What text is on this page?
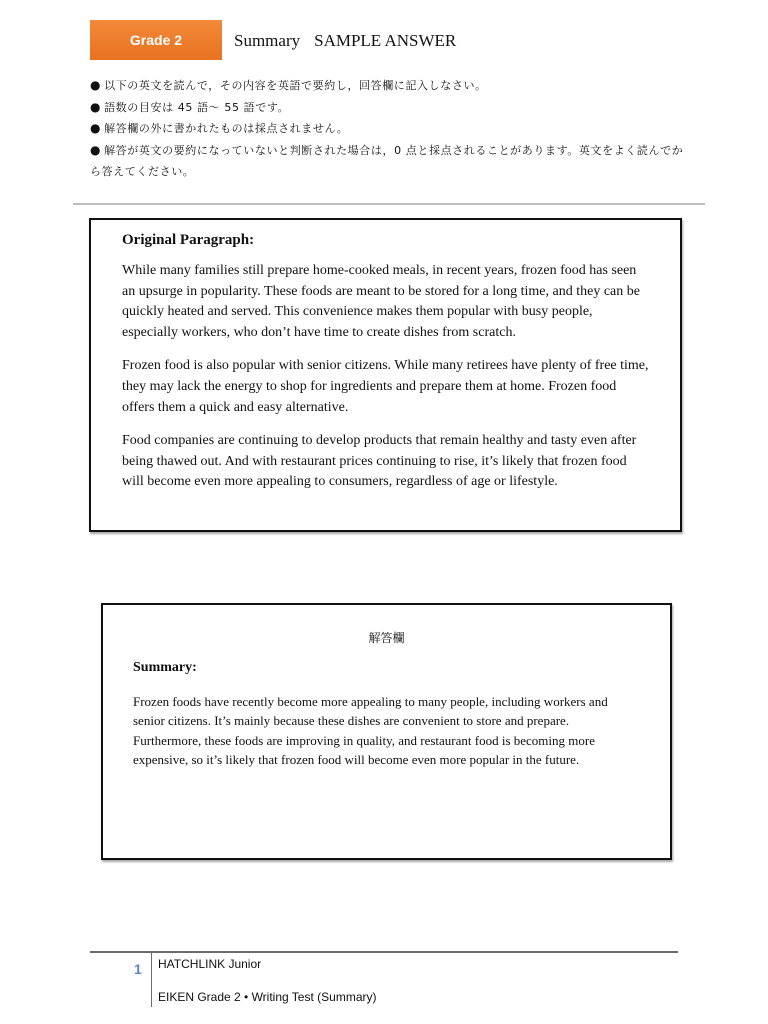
Grade 2	Summary SAMPLE ANSWER
● 以下の英文を読んで，その内容を英語で要約し，回答欄に記入しなさい。
● 語数の目安は 45 語～ 55 語です。
● 解答欄の外に書かれたものは採点されません。
● 解答が英文の要約になっていないと判断された場合は，0 点と採点されることがあります。英文をよく読んでから答えてください。

Original Paragraph:

While many families still prepare home-cooked meals, in recent years, frozen food has seen an upsurge in popularity. These foods are meant to be stored for a long time, and they can be quickly heated and served. This convenience makes them popular with busy people, especially workers, who don’t have time to create dishes from scratch.

Frozen food is also popular with senior citizens. While many retirees have plenty of free time, they may lack the energy to shop for ingredients and prepare them at home. Frozen food offers them a quick and easy alternative.

Food companies are continuing to develop products that remain healthy and tasty even after being thawed out. And with restaurant prices continuing to rise, it’s likely that frozen food will become even more appealing to consumers, regardless of age or lifestyle.

解答欄

Summary:

Frozen foods have recently become more appealing to many people, including workers and senior citizens. It’s mainly because these dishes are convenient to store and prepare. Furthermore, these foods are improving in quality, and restaurant food is becoming more expensive, so it’s likely that frozen food will become even more popular in the future.

1 HATCHLINK Junior
EIKEN Grade 2 • Writing Test (Summary)
